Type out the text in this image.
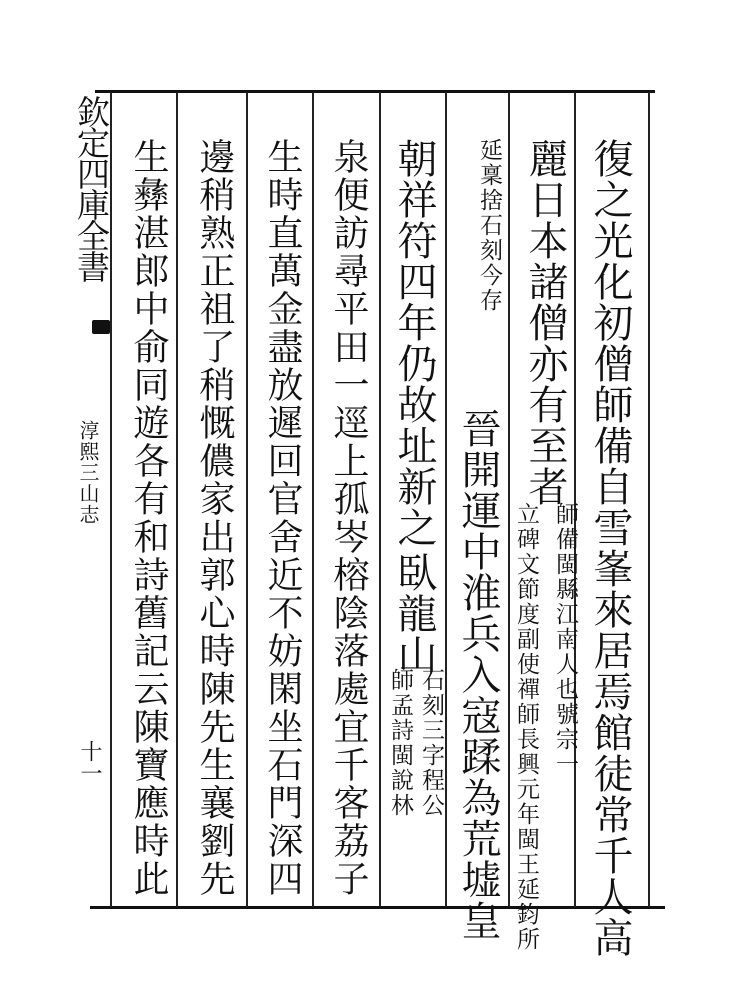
欽定四庫全書
淳熙三山志
十一	復之光化初僧師備自雪峯來居焉館徒常千人高
麗日本諸僧亦有至者
師備閩縣江南人也號宗一
立碑文節度副使禪師長興元年閩王延鈞所
延稟捨石刻今存
晉開運中淮兵入寇蹂為荒墟皇
朝祥符四年仍故址新之
臥龍山
石刻三字程公
師孟詩閩說林
泉便訪尋平田一逕上孤岑榕陰落處宜千客荔子
生時直萬金盡放遲回官舍近不妨閑坐石門深四
邊稍熟正祖了稍慨儂家出郭心時陳先生襄劉先
生彝湛郎中俞同遊各有和詩舊記云陳寶應時此
